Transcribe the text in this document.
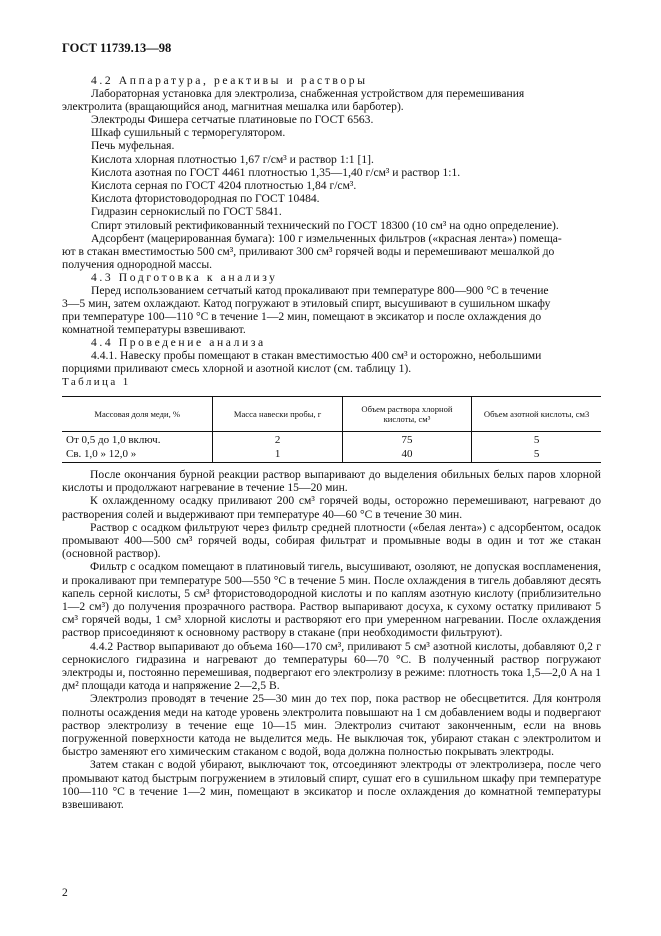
ГОСТ 11739.13—98

4.2 Аппаратура, реактивы и растворы

Лабораторная установка для электролиза, снабженная устройством для перемешивания

электролита (вращающийся анод, магнитная мешалка или барботер).

Электроды Фишера сетчатые платиновые по ГОСТ 6563.

Шкаф сушильный с терморегулятором.

Печь муфельная.

Кислота хлорная плотностью 1,67 г/см³ и раствор 1:1 [1].

Кислота азотная по ГОСТ 4461 плотностью 1,35—1,40 г/см³ и раствор 1:1.

Кислота серная по ГОСТ 4204 плотностью 1,84 г/см³.

Кислота фтористоводородная по ГОСТ 10484.

Гидразин сернокислый по ГОСТ 5841.

Спирт этиловый ректификованный технический по ГОСТ 18300 (10 см³ на одно определение).

Адсорбент (мацерированная бумага): 100 г измельченных фильтров («красная лента») помеща-

ют в стакан вместимостью 500 см³, приливают 300 см³ горячей воды и перемешивают мешалкой до

получения однородной массы.

4.3 Подготовка к анализу

Перед использованием сетчатый катод прокаливают при температуре 800—900 °С в течение

3—5 мин, затем охлаждают. Катод погружают в этиловый спирт, высушивают в сушильном шкафу

при температуре 100—110 °С в течение 1—2 мин, помещают в эксикатор и после охлаждения до

комнатной температуры взвешивают.

4.4 Проведение анализа

4.4.1. Навеску пробы помещают в стакан вместимостью 400 см³ и осторожно, небольшими

порциями приливают смесь хлорной и азотной кислот (см. таблицу 1).

Таблица 1
Массовая доля меди, %	Масса навески пробы, г	Объем раствора хлорной кислоты, см³	Объем азотной кислоты, см3
От 0,5 до 1,0 включ.	2	75	5
Св. 1,0 » 12,0 »	1	40	5

После окончания бурной реакции раствор выпаривают до выделения обильных белых паров хлорной кислоты и продолжают нагревание в течение 15—20 мин.

К охлажденному осадку приливают 200 см³ горячей воды, осторожно перемешивают, нагревают до растворения солей и выдерживают при температуре 40—60 °С в течение 30 мин.

Раствор с осадком фильтруют через фильтр средней плотности («белая лента») с адсорбентом, осадок промывают 400—500 см³ горячей воды, собирая фильтрат и промывные воды в один и тот же стакан (основной раствор).

Фильтр с осадком помещают в платиновый тигель, высушивают, озоляют, не допуская воспламенения, и прокаливают при температуре 500—550 °С в течение 5 мин. После охлаждения в тигель добавляют десять капель серной кислоты, 5 см³ фтористоводородной кислоты и по каплям азотную кислоту (приблизительно 1—2 см³) до получения прозрачного раствора. Раствор выпаривают досуха, к сухому остатку приливают 5 см³ горячей воды, 1 см³ хлорной кислоты и растворяют его при умеренном нагревании. После охлаждения раствор присоединяют к основному раствору в стакане (при необходимости фильтруют).

4.4.2 Раствор выпаривают до объема 160—170 см³, приливают 5 см³ азотной кислоты, добавляют 0,2 г сернокислого гидразина и нагревают до температуры 60—70 °С. В полученный раствор погружают электроды и, постоянно перемешивая, подвергают его электролизу в режиме: плотность тока 1,5—2,0 А на 1 дм² площади катода и напряжение 2—2,5 В.

Электролиз проводят в течение 25—30 мин до тех пор, пока раствор не обесцветится. Для контроля полноты осаждения меди на катоде уровень электролита повышают на 1 см добавлением воды и подвергают раствор электролизу в течение еще 10—15 мин. Электролиз считают законченным, если на вновь погруженной поверхности катода не выделится медь. Не выключая ток, убирают стакан с электролитом и быстро заменяют его химическим стаканом с водой, вода должна полностью покрывать электроды.

Затем стакан с водой убирают, выключают ток, отсоединяют электроды от электролизера, после чего промывают катод быстрым погружением в этиловый спирт, сушат его в сушильном шкафу при температуре 100—110 °С в течение 1—2 мин, помещают в эксикатор и после охлаждения до комнатной температуры взвешивают.

2
